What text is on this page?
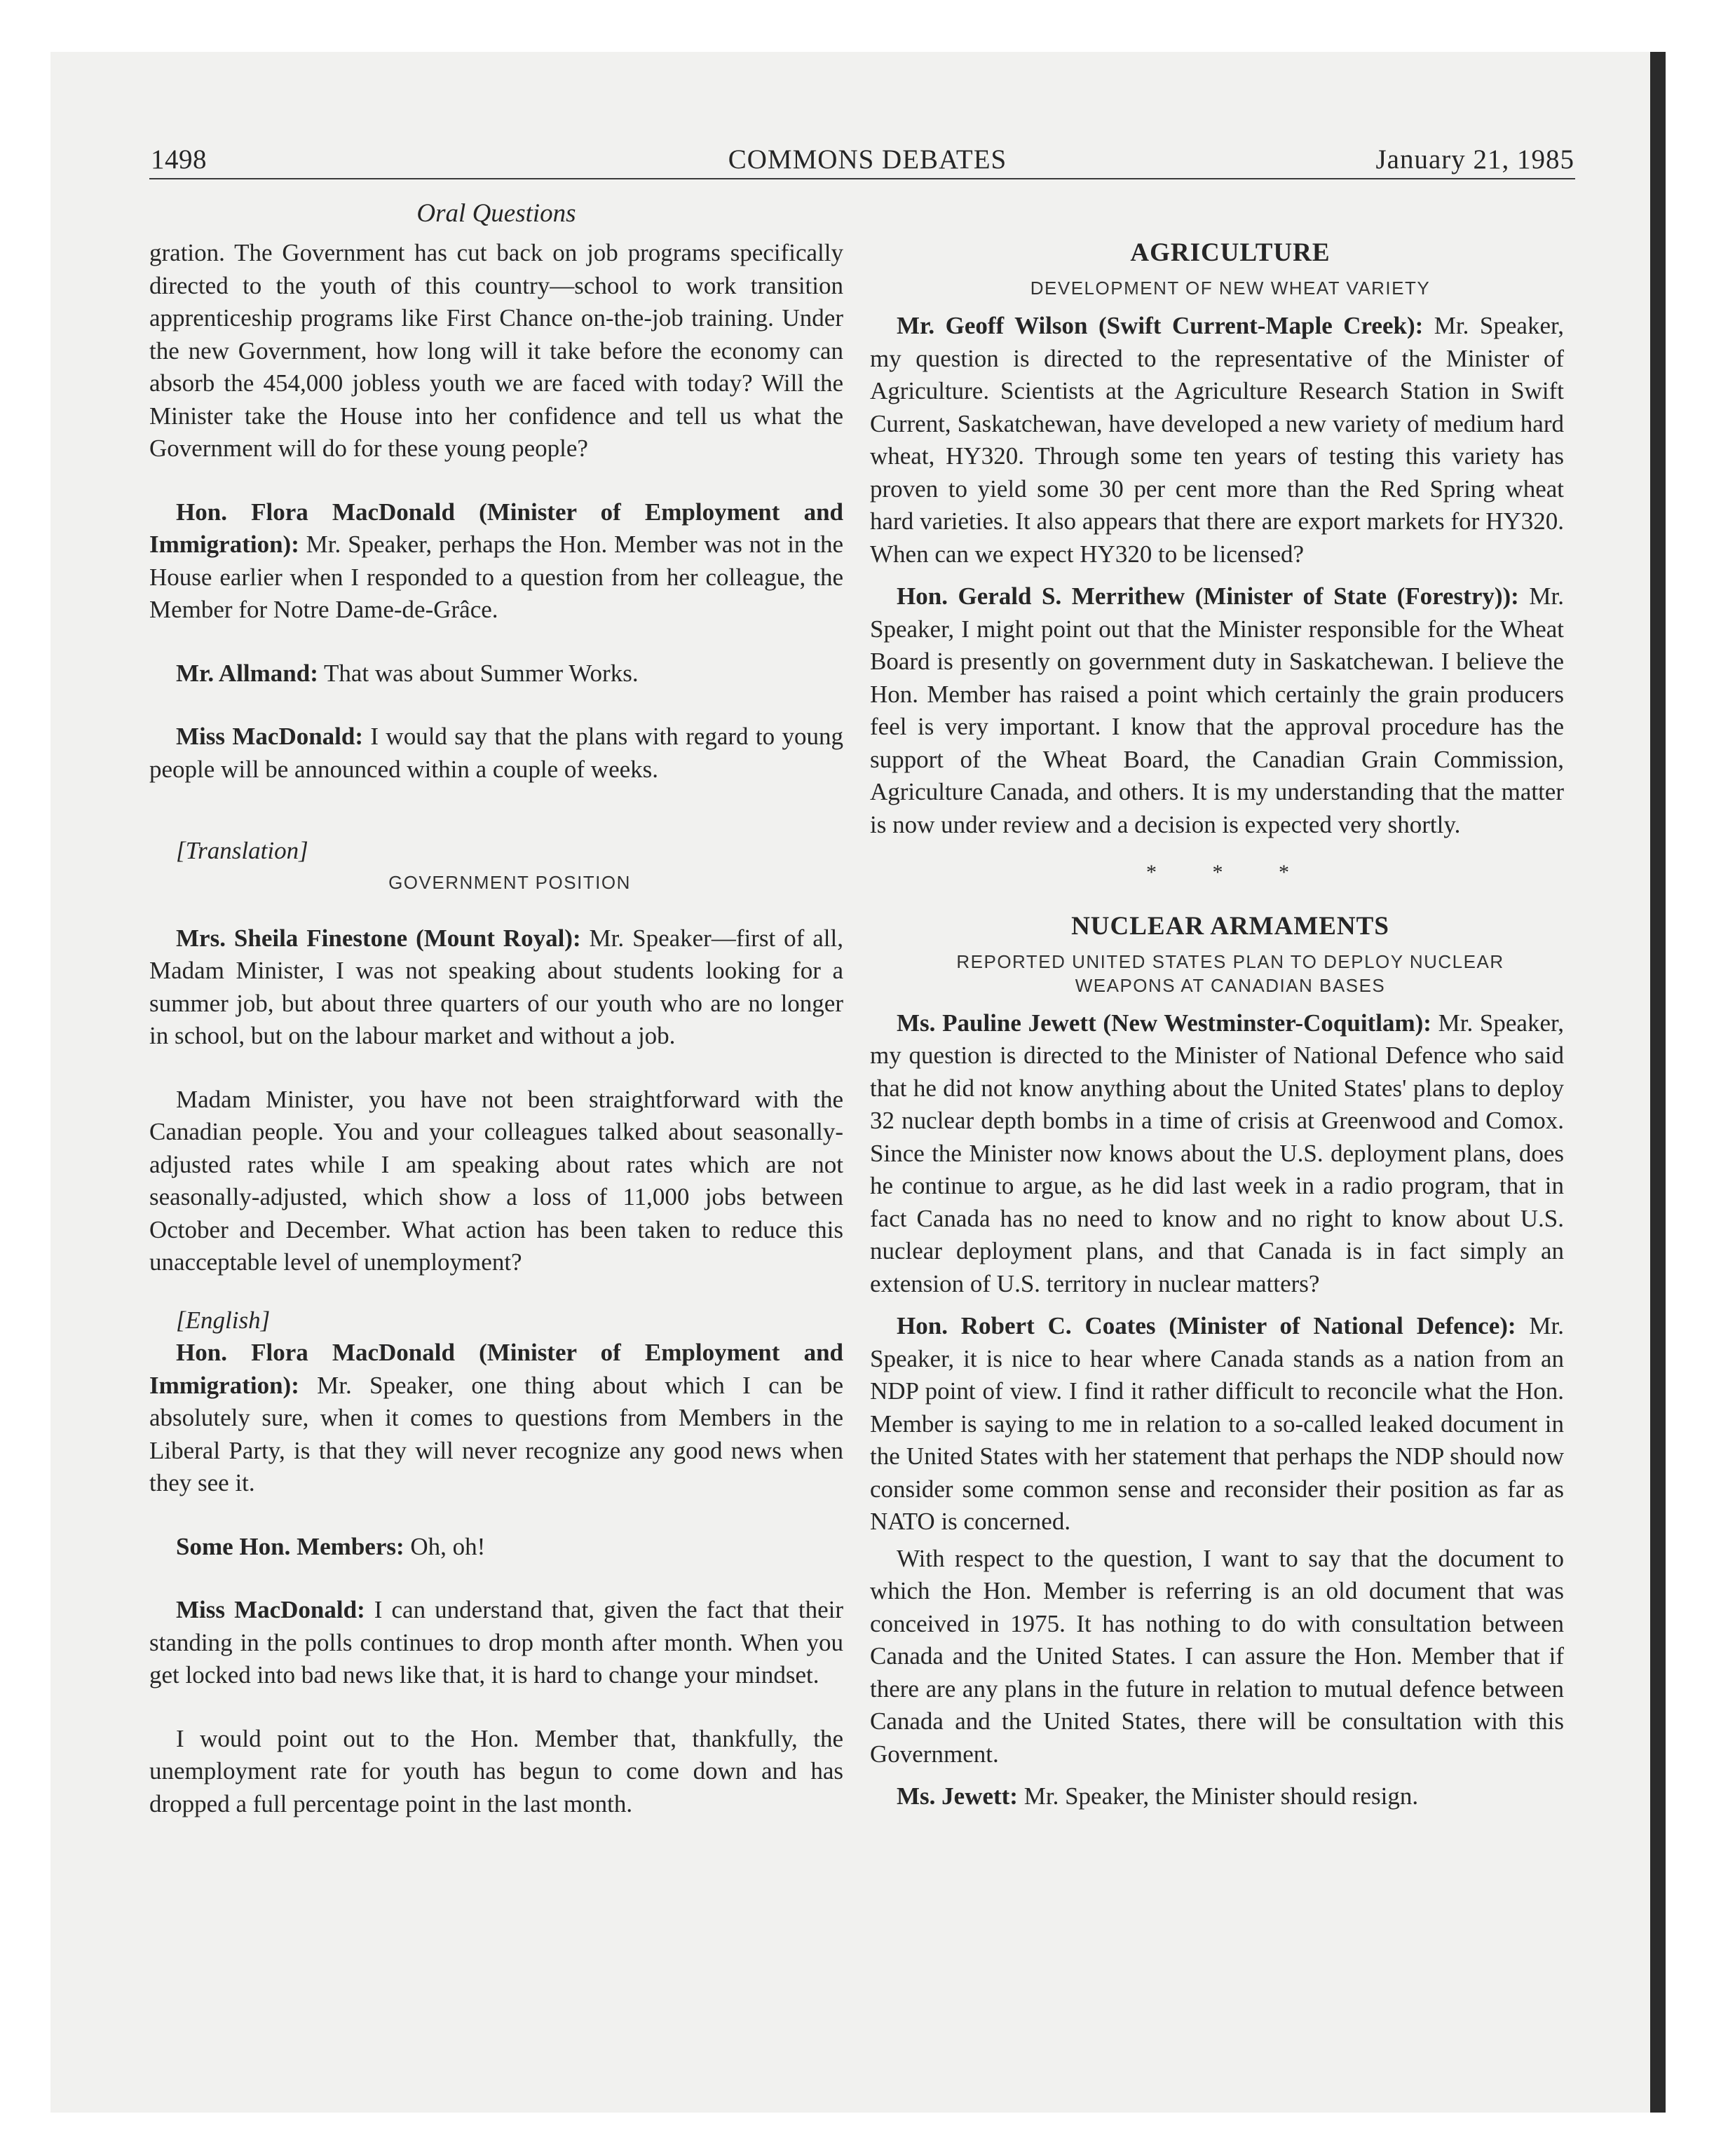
1498	COMMONS DEBATES	January 21, 1985
Oral Questions

gration. The Government has cut back on job programs specifically directed to the youth of this country—school to work transition apprenticeship programs like First Chance on-the-job training. Under the new Government, how long will it take before the economy can absorb the 454,000 jobless youth we are faced with today? Will the Minister take the House into her confidence and tell us what the Government will do for these young people?

Hon. Flora MacDonald (Minister of Employment and Immigration): Mr. Speaker, perhaps the Hon. Member was not in the House earlier when I responded to a question from her colleague, the Member for Notre Dame-de-Grâce.

Mr. Allmand: That was about Summer Works.

Miss MacDonald: I would say that the plans with regard to young people will be announced within a couple of weeks.

[Translation]

GOVERNMENT POSITION

Mrs. Sheila Finestone (Mount Royal): Mr. Speaker—first of all, Madam Minister, I was not speaking about students looking for a summer job, but about three quarters of our youth who are no longer in school, but on the labour market and without a job.

Madam Minister, you have not been straightforward with the Canadian people. You and your colleagues talked about seasonally-adjusted rates while I am speaking about rates which are not seasonally-adjusted, which show a loss of 11,000 jobs between October and December. What action has been taken to reduce this unacceptable level of unemployment?

[English]

Hon. Flora MacDonald (Minister of Employment and Immigration): Mr. Speaker, one thing about which I can be absolutely sure, when it comes to questions from Members in the Liberal Party, is that they will never recognize any good news when they see it.

Some Hon. Members: Oh, oh!

Miss MacDonald: I can understand that, given the fact that their standing in the polls continues to drop month after month. When you get locked into bad news like that, it is hard to change your mindset.

I would point out to the Hon. Member that, thankfully, the unemployment rate for youth has begun to come down and has dropped a full percentage point in the last month.

AGRICULTURE

DEVELOPMENT OF NEW WHEAT VARIETY

Mr. Geoff Wilson (Swift Current-Maple Creek): Mr. Speaker, my question is directed to the representative of the Minister of Agriculture. Scientists at the Agriculture Research Station in Swift Current, Saskatchewan, have developed a new variety of medium hard wheat, HY320. Through some ten years of testing this variety has proven to yield some 30 per cent more than the Red Spring wheat hard varieties. It also appears that there are export markets for HY320. When can we expect HY320 to be licensed?

Hon. Gerald S. Merrithew (Minister of State (Forestry)): Mr. Speaker, I might point out that the Minister responsible for the Wheat Board is presently on government duty in Saskatchewan. I believe the Hon. Member has raised a point which certainly the grain producers feel is very important. I know that the approval procedure has the support of the Wheat Board, the Canadian Grain Commission, Agriculture Canada, and others. It is my understanding that the matter is now under review and a decision is expected very shortly.

* * *

NUCLEAR ARMAMENTS

REPORTED UNITED STATES PLAN TO DEPLOY NUCLEAR

WEAPONS AT CANADIAN BASES

Ms. Pauline Jewett (New Westminster-Coquitlam): Mr. Speaker, my question is directed to the Minister of National Defence who said that he did not know anything about the United States' plans to deploy 32 nuclear depth bombs in a time of crisis at Greenwood and Comox. Since the Minister now knows about the U.S. deployment plans, does he continue to argue, as he did last week in a radio program, that in fact Canada has no need to know and no right to know about U.S. nuclear deployment plans, and that Canada is in fact simply an extension of U.S. territory in nuclear matters?

Hon. Robert C. Coates (Minister of National Defence): Mr. Speaker, it is nice to hear where Canada stands as a nation from an NDP point of view. I find it rather difficult to reconcile what the Hon. Member is saying to me in relation to a so-called leaked document in the United States with her statement that perhaps the NDP should now consider some common sense and reconsider their position as far as NATO is concerned.

With respect to the question, I want to say that the document to which the Hon. Member is referring is an old document that was conceived in 1975. It has nothing to do with consultation between Canada and the United States. I can assure the Hon. Member that if there are any plans in the future in relation to mutual defence between Canada and the United States, there will be consultation with this Government.

Ms. Jewett: Mr. Speaker, the Minister should resign.
